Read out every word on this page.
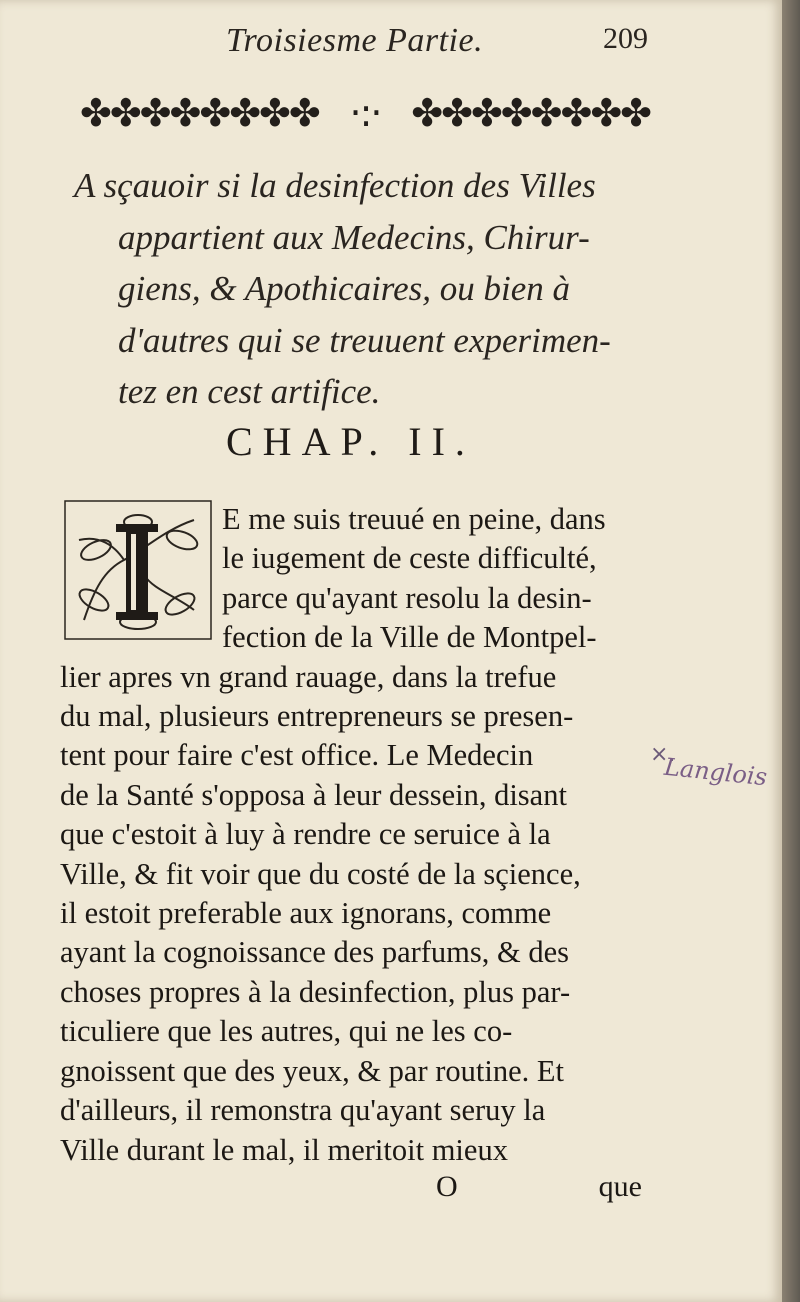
Troisiesme Partie.	209
✤✤✤✤✤✤✤✤ ·:· ✤✤✤✤✤✤✤✤
A sçauoir si la desinfection des Villes
appartient aux Medecins, Chirur-
giens, & Apothicaires, ou bien à
d'autres qui se treuuent experimen-
tez en cest artifice.
CHAP. II.
E me suis treuué en peine, dans
le iugement de ceste difficulté,
parce qu'ayant resolu la desin-
fection de la Ville de Montpel-
lier apres vn grand rauage, dans la trefue
du mal, plusieurs entrepreneurs se presen-
tent pour faire c'est office. Le Medecin
de la Santé s'opposa à leur dessein, disant
que c'estoit à luy à rendre ce seruice à la
Ville, & fit voir que du costé de la sçience,
il estoit preferable aux ignorans, comme
ayant la cognoissance des parfums, & des
choses propres à la desinfection, plus par-
ticuliere que les autres, qui ne les co-
gnoissent que des yeux, & par routine. Et
d'ailleurs, il remonstra qu'ayant seruy la
Ville durant le mal, il meritoit mieux
O	que
×.
Langlois
